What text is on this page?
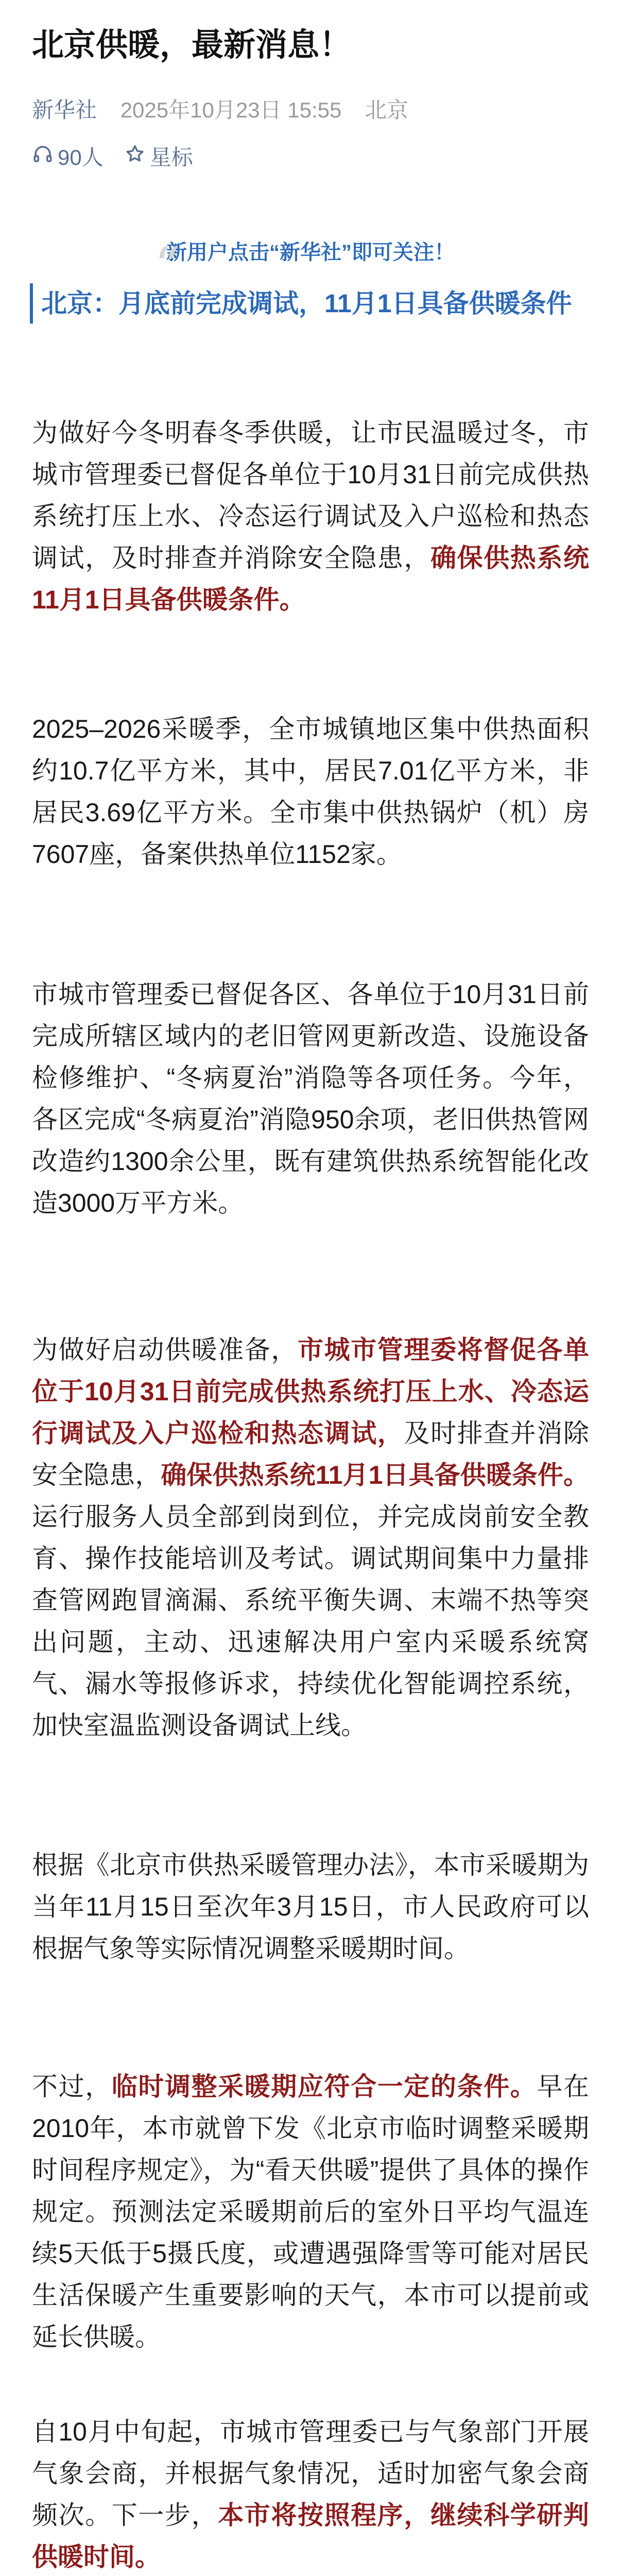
北京供暖，最新消息！
新华社 2025年10月23日 15:55 北京
90人 星标
新用户点击“新华社”即可关注！
“
北京：月底前完成调试，11月1日具备供暖条件

为做好今冬明春冬季供暖，让市民温暖过冬，市城市管理委已督促各单位于10月31日前完成供热系统打压上水、冷态运行调试及入户巡检和热态调试，及时排查并消除安全隐患，确保供热系统11月1日具备供暖条件。

2025–2026采暖季，全市城镇地区集中供热面积约10.7亿平方米，其中，居民7.01亿平方米，非居民3.69亿平方米。全市集中供热锅炉（机）房7607座，备案供热单位1152家。

市城市管理委已督促各区、各单位于10月31日前完成所辖区域内的老旧管网更新改造、设施设备检修维护、“冬病夏治”消隐等各项任务。今年，各区完成“冬病夏治”消隐950余项，老旧供热管网改造约1300余公里，既有建筑供热系统智能化改造3000万平方米。

为做好启动供暖准备，市城市管理委将督促各单位于10月31日前完成供热系统打压上水、冷态运行调试及入户巡检和热态调试，及时排查并消除安全隐患，确保供热系统11月1日具备供暖条件。运行服务人员全部到岗到位，并完成岗前安全教育、操作技能培训及考试。调试期间集中力量排查管网跑冒滴漏、系统平衡失调、末端不热等突出问题，主动、迅速解决用户室内采暖系统窝气、漏水等报修诉求，持续优化智能调控系统，加快室温监测设备调试上线。

根据《北京市供热采暖管理办法》，本市采暖期为当年11月15日至次年3月15日，市人民政府可以根据气象等实际情况调整采暖期时间。

不过，临时调整采暖期应符合一定的条件。早在2010年，本市就曾下发《北京市临时调整采暖期时间程序规定》，为“看天供暖”提供了具体的操作规定。预测法定采暖期前后的室外日平均气温连续5天低于5摄氏度，或遭遇强降雪等可能对居民生活保暖产生重要影响的天气，本市可以提前或延长供暖。

自10月中旬起，市城市管理委已与气象部门开展气象会商，并根据气象情况，适时加密气象会商频次。下一步，本市将按照程序，继续科学研判供暖时间。
